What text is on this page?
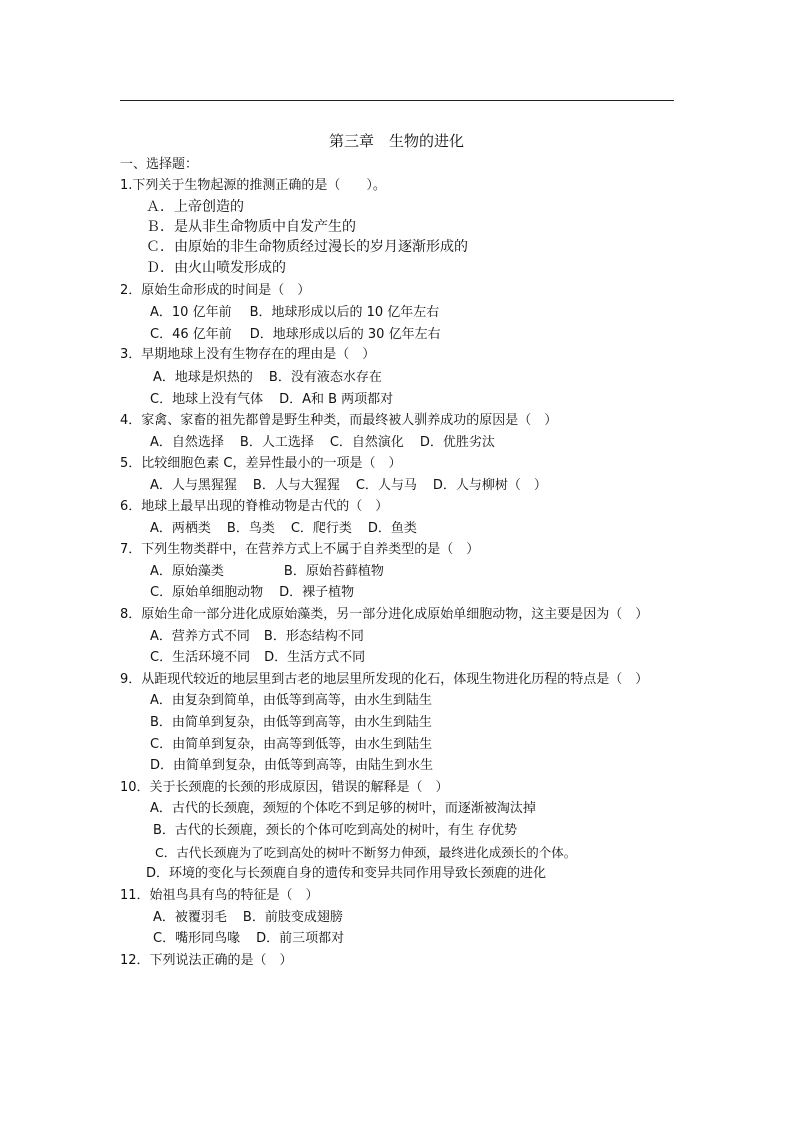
第三章　生物的进化
一、选择题：
1.下列关于生物起源的推测正确的是（　　）。
Ａ．上帝创造的
Ｂ．是从非生命物质中自发产生的
Ｃ．由原始的非生命物质经过漫长的岁月逐渐形成的
Ｄ．由火山喷发形成的
2．原始生命形成的时间是（　）
A．10 亿年前 B．地球形成以后的 10 亿年左右
C．46 亿年前 D．地球形成以后的 30 亿年左右
3．早期地球上没有生物存在的理由是（　）
A．地球是炽热的 B．没有液态水存在
C．地球上没有气体 D．A和 B 两项都对
4．家禽、家畜的祖先都曾是野生种类，而最终被人驯养成功的原因是（　）
A．自然选择 B．人工选择 C．自然演化 D．优胜劣汰
5．比较细胞色素 C，差异性最小的一项是（　）
A．人与黑猩猩 B．人与大猩猩 C．人与马 D．人与柳树（　）
6．地球上最早出现的脊椎动物是古代的（　）
A．两栖类 B．鸟类 C．爬行类 D．鱼类
7．下列生物类群中，在营养方式上不属于自养类型的是（　）
A．原始藻类	B．原始苔藓植物
C．原始单细胞动物 D．裸子植物
8．原始生命一部分进化成原始藻类，另一部分进化成原始单细胞动物，这主要是因为（　）
A．营养方式不同 B．形态结构不同
C．生活环境不同 D．生活方式不同
9．从距现代较近的地层里到古老的地层里所发现的化石，体现生物进化历程的特点是（　）
A．由复杂到简单，由低等到高等，由水生到陆生
B．由简单到复杂，由低等到高等，由水生到陆生
C．由简单到复杂，由高等到低等，由水生到陆生
D．由简单到复杂，由低等到高等，由陆生到水生
10．关于长颈鹿的长颈的形成原因，错误的解释是（　）
A．古代的长颈鹿，颈短的个体吃不到足够的树叶，而逐渐被淘汰掉
B．古代的长颈鹿，颈长的个体可吃到高处的树叶，有生 存优势
C．古代长颈鹿为了吃到高处的树叶不断努力伸颈，最终进化成颈长的个体。
D．环境的变化与长颈鹿自身的遗传和变异共同作用导致长颈鹿的进化
11．始祖鸟具有鸟的特征是（　）
A．被覆羽毛 B．前肢变成翅膀
C．嘴形同鸟喙 D．前三项都对
12．下列说法正确的是（　）
